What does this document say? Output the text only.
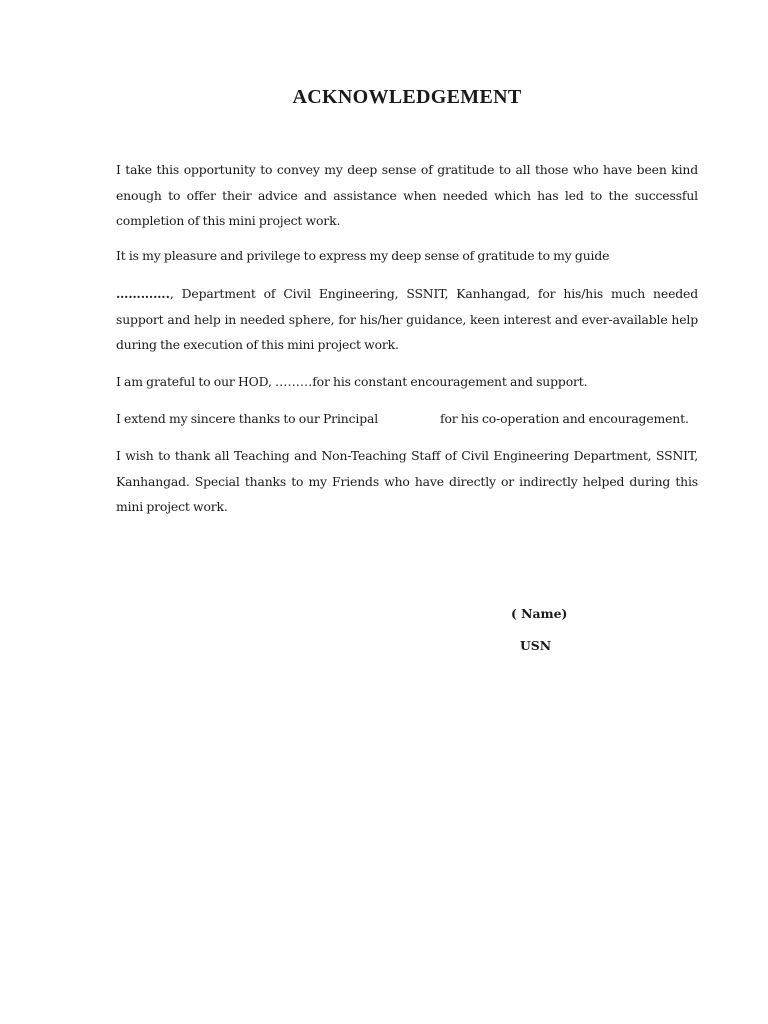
ACKNOWLEDGEMENT

I take this opportunity to convey my deep sense of gratitude to all those who have been kind enough to offer their advice and assistance when needed which has led to the successful completion of this mini project work.

It is my pleasure and privilege to express my deep sense of gratitude to my guide

…………., Department of Civil Engineering, SSNIT, Kanhangad, for his/his much needed support and help in needed sphere, for his/her guidance, keen interest and ever-available help during the execution of this mini project work.

I am grateful to our HOD, ………for his constant encouragement and support.

I extend my sincere thanks to our Principal	for his co-operation and encouragement.

I wish to thank all Teaching and Non-Teaching Staff of Civil Engineering Department, SSNIT, Kanhangad. Special thanks to my Friends who have directly or indirectly helped during this mini project work.

( Name)
USN
